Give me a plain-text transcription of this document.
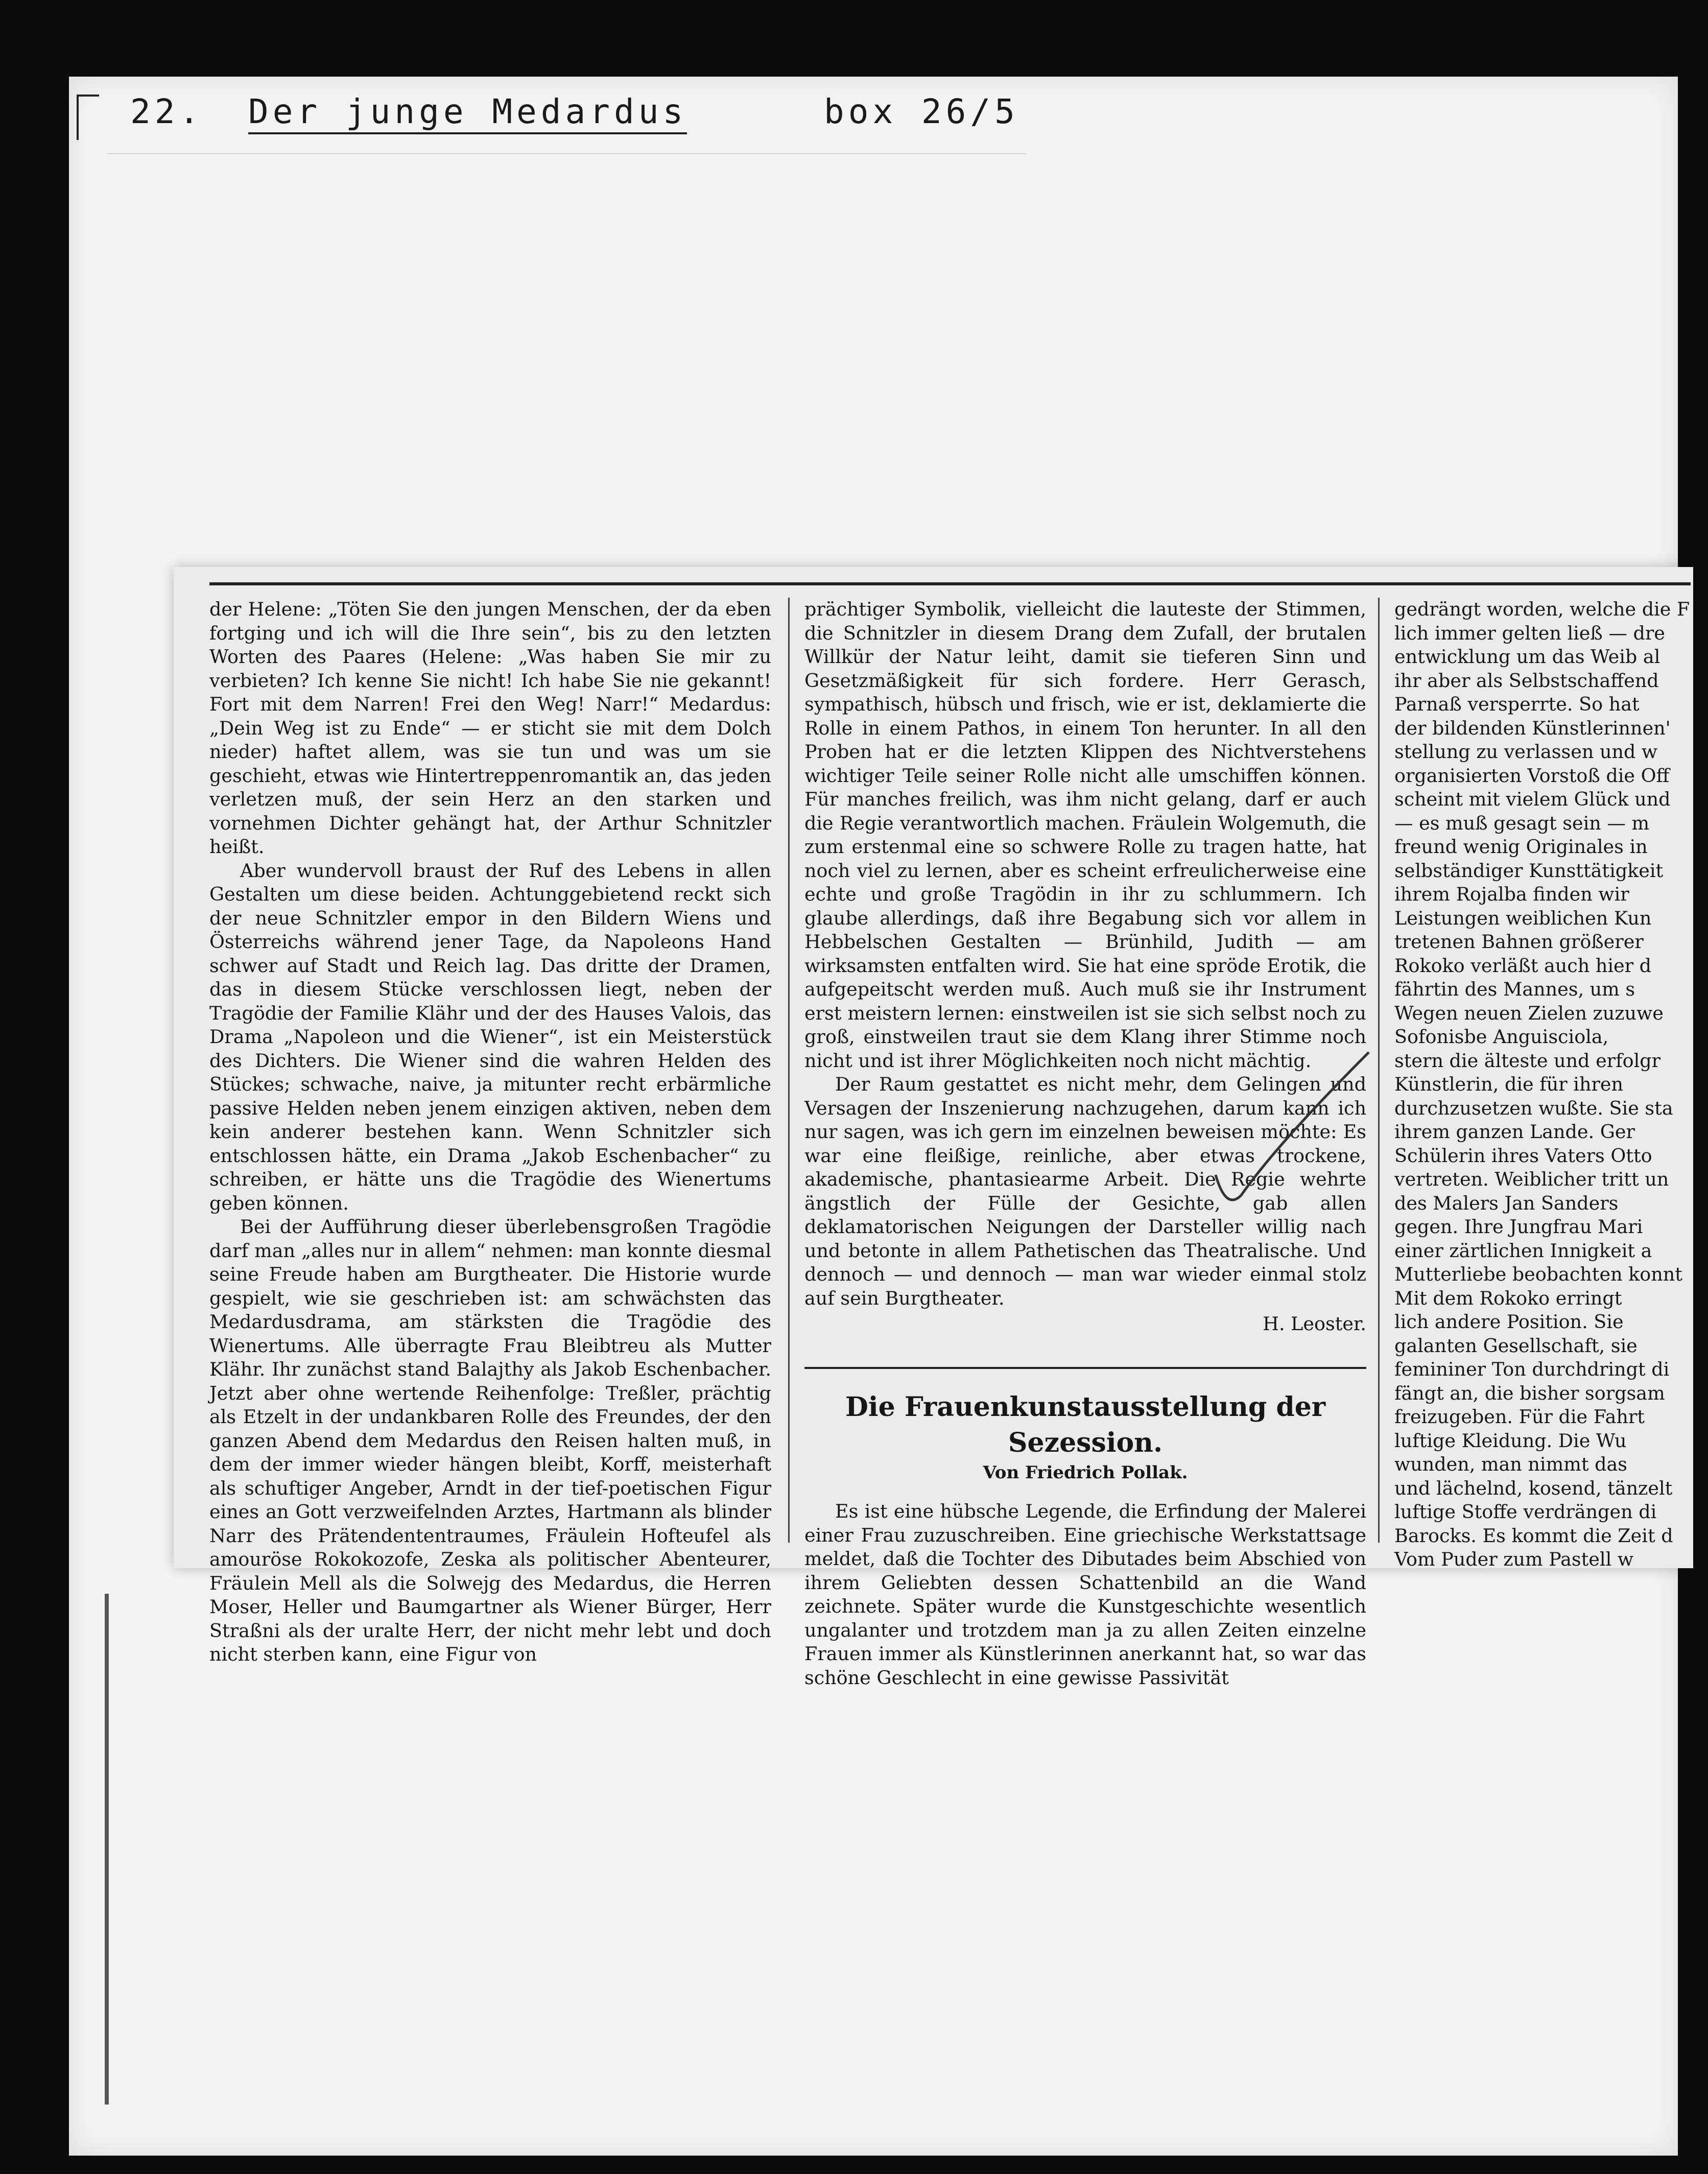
22. Der junge Medardus	box 26/5

der Helene: „Töten Sie den jungen Menschen, der da eben fortging und ich will die Ihre sein“, bis zu den letzten Worten des Paares (Helene: „Was haben Sie mir zu verbieten? Ich kenne Sie nicht! Ich habe Sie nie gekannt! Fort mit dem Narren! Frei den Weg! Narr!“ Medardus: „Dein Weg ist zu Ende“ — er sticht sie mit dem Dolch nieder) haftet allem, was sie tun und was um sie geschieht, etwas wie Hintertreppenromantik an, das jeden verletzen muß, der sein Herz an den starken und vornehmen Dichter gehängt hat, der Arthur Schnitzler heißt.

Aber wundervoll braust der Ruf des Lebens in allen Gestalten um diese beiden. Achtunggebietend reckt sich der neue Schnitzler empor in den Bildern Wiens und Österreichs während jener Tage, da Napoleons Hand schwer auf Stadt und Reich lag. Das dritte der Dramen, das in diesem Stücke verschlossen liegt, neben der Tragödie der Familie Klähr und der des Hauses Valois, das Drama „Napoleon und die Wiener“, ist ein Meisterstück des Dichters. Die Wiener sind die wahren Helden des Stückes; schwache, naive, ja mitunter recht erbärmliche passive Helden neben jenem einzigen aktiven, neben dem kein anderer bestehen kann. Wenn Schnitzler sich entschlossen hätte, ein Drama „Jakob Eschenbacher“ zu schreiben, er hätte uns die Tragödie des Wienertums geben können.

Bei der Aufführung dieser überlebensgroßen Tragödie darf man „alles nur in allem“ nehmen: man konnte diesmal seine Freude haben am Burgtheater. Die Historie wurde gespielt, wie sie geschrieben ist: am schwächsten das Medardusdrama, am stärksten die Tragödie des Wienertums. Alle überragte Frau Bleibtreu als Mutter Klähr. Ihr zunächst stand Balajthy als Jakob Eschenbacher. Jetzt aber ohne wertende Reihenfolge: Treßler, prächtig als Etzelt in der undankbaren Rolle des Freundes, der den ganzen Abend dem Medardus den Reisen halten muß, in dem der immer wieder hängen bleibt, Korff, meisterhaft als schuftiger Angeber, Arndt in der tief-poetischen Figur eines an Gott verzweifelnden Arztes, Hartmann als blinder Narr des Prätendententraumes, Fräulein Hofteufel als amouröse Rokokozofe, Zeska als politischer Abenteurer, Fräulein Mell als die Solwejg des Medardus, die Herren Moser, Heller und Baumgartner als Wiener Bürger, Herr Straßni als der uralte Herr, der nicht mehr lebt und doch nicht sterben kann, eine Figur von

prächtiger Symbolik, vielleicht die lauteste der Stimmen, die Schnitzler in diesem Drang dem Zufall, der brutalen Willkür der Natur leiht, damit sie tieferen Sinn und Gesetzmäßigkeit für sich fordere. Herr Gerasch, sympathisch, hübsch und frisch, wie er ist, deklamierte die Rolle in einem Pathos, in einem Ton herunter. In all den Proben hat er die letzten Klippen des Nichtverstehens wichtiger Teile seiner Rolle nicht alle umschiffen können. Für manches freilich, was ihm nicht gelang, darf er auch die Regie verantwortlich machen. Fräulein Wolgemuth, die zum erstenmal eine so schwere Rolle zu tragen hatte, hat noch viel zu lernen, aber es scheint erfreulicherweise eine echte und große Tragödin in ihr zu schlummern. Ich glaube allerdings, daß ihre Begabung sich vor allem in Hebbelschen Gestalten — Brünhild, Judith — am wirksamsten entfalten wird. Sie hat eine spröde Erotik, die aufgepeitscht werden muß. Auch muß sie ihr Instrument erst meistern lernen: einstweilen ist sie sich selbst noch zu groß, einstweilen traut sie dem Klang ihrer Stimme noch nicht und ist ihrer Möglichkeiten noch nicht mächtig.

Der Raum gestattet es nicht mehr, dem Gelingen und Versagen der Inszenierung nachzugehen, darum kann ich nur sagen, was ich gern im einzelnen beweisen möchte: Es war eine fleißige, reinliche, aber etwas trockene, akademische, phantasiearme Arbeit. Die Regie wehrte ängstlich der Fülle der Gesichte, gab allen deklamatorischen Neigungen der Darsteller willig nach und betonte in allem Pathetischen das Theatralische. Und dennoch — und dennoch — man war wieder einmal stolz auf sein Burgtheater.

H. Leoster.

Die Frauenkunstausstellung der Sezession.

Von Friedrich Pollak.

Es ist eine hübsche Legende, die Erfindung der Malerei einer Frau zuzuschreiben. Eine griechische Werkstattsage meldet, daß die Tochter des Dibutades beim Abschied von ihrem Geliebten dessen Schattenbild an die Wand zeichnete. Später wurde die Kunstgeschichte wesentlich ungalanter und trotzdem man ja zu allen Zeiten einzelne Frauen immer als Künstlerinnen anerkannt hat, so war das schöne Geschlecht in eine gewisse Passivität

gedrängt worden, welche die F

lich immer gelten ließ — dre

entwicklung um das Weib al

ihr aber als Selbstschaffend

Parnaß versperrte. So hat

der bildenden Künstlerinnen'

stellung zu verlassen und w

organisierten Vorstoß die Off

scheint mit vielem Glück und

— es muß gesagt sein — m

freund wenig Originales in

selbständiger Kunsttätigkeit

ihrem Rojalba finden wir

Leistungen weiblichen Kun

tretenen Bahnen größerer

Rokoko verläßt auch hier d

fährtin des Mannes, um s

Wegen neuen Zielen zuzuwe

Sofonisbe Anguisciola,

stern die älteste und erfolgr

Künstlerin, die für ihren

durchzusetzen wußte. Sie sta

ihrem ganzen Lande. Ger

Schülerin ihres Vaters Otto

vertreten. Weiblicher tritt un

des Malers Jan Sanders

gegen. Ihre Jungfrau Mari

einer zärtlichen Innigkeit a

Mutterliebe beobachten konnt

Mit dem Rokoko erringt

lich andere Position. Sie

galanten Gesellschaft, sie

femininer Ton durchdringt di

fängt an, die bisher sorgsam

freizugeben. Für die Fahrt

luftige Kleidung. Die Wu

wunden, man nimmt das

und lächelnd, kosend, tänzelt

luftige Stoffe verdrängen di

Barocks. Es kommt die Zeit d

Vom Puder zum Pastell w
